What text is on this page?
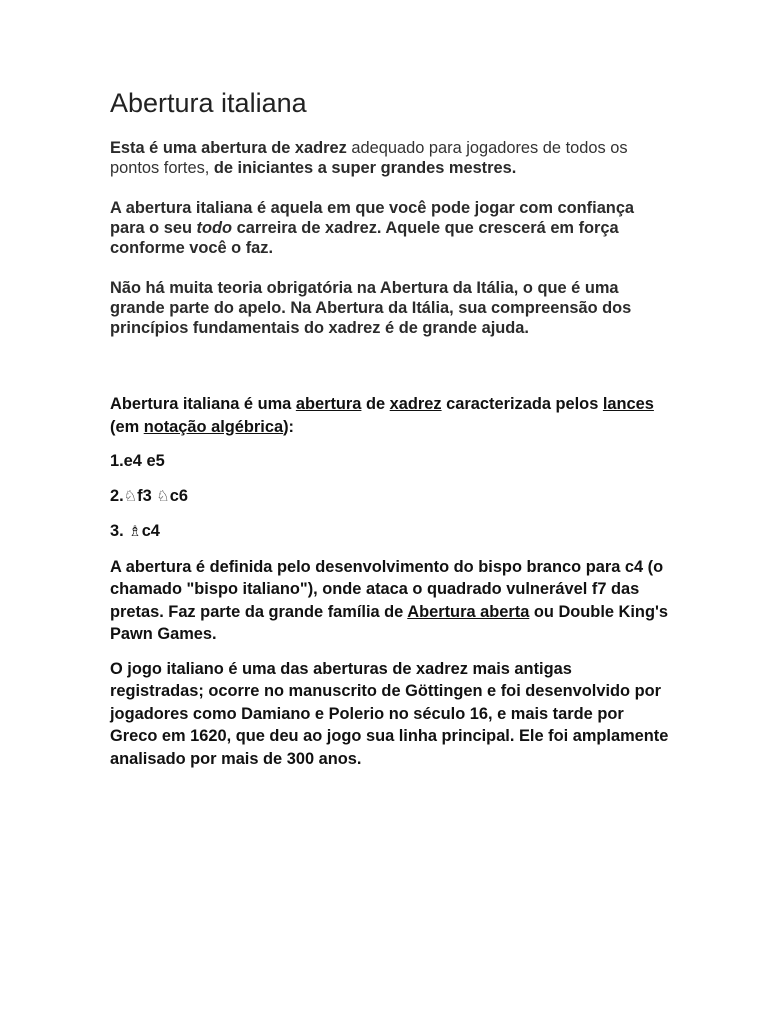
Abertura italiana

Esta é uma abertura de xadrez adequado para jogadores de todos os pontos fortes, de iniciantes a super grandes mestres.

A abertura italiana é aquela em que você pode jogar com confiança para o seu todo carreira de xadrez. Aquele que crescerá em força conforme você o faz.

Não há muita teoria obrigatória na Abertura da Itália, o que é uma grande parte do apelo. Na Abertura da Itália, sua compreensão dos princípios fundamentais do xadrez é de grande ajuda.

Abertura italiana é uma abertura de xadrez caracterizada pelos lances (em notação algébrica):

1.e4 e5

2.♘f3 ♘c6

3. ♗c4

A abertura é definida pelo desenvolvimento do bispo branco para c4 (o chamado "bispo italiano"), onde ataca o quadrado vulnerável f7 das pretas. Faz parte da grande família de Abertura aberta ou Double King's Pawn Games.

O jogo italiano é uma das aberturas de xadrez mais antigas registradas; ocorre no manuscrito de Göttingen e foi desenvolvido por jogadores como Damiano e Polerio no século 16, e mais tarde por Greco em 1620, que deu ao jogo sua linha principal. Ele foi amplamente analisado por mais de 300 anos.
